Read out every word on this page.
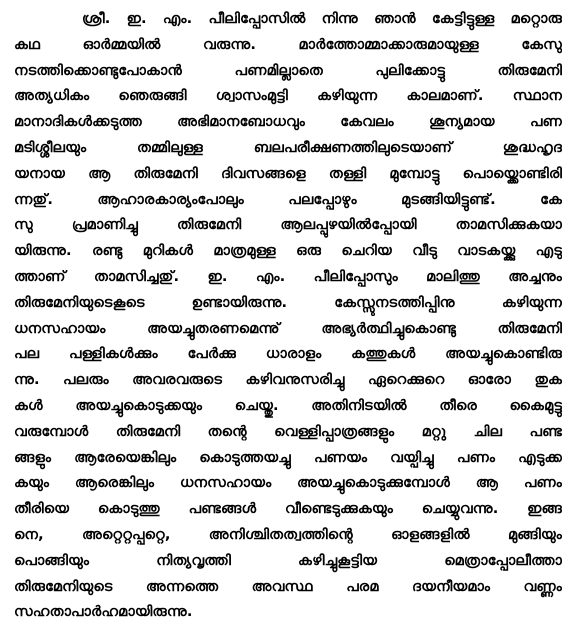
ശ്രീ. ഇ. എം. പീലിപ്പോസിൽ നിന്നു ഞാൻ കേട്ടിട്ടുള്ള മറ്റൊരു
കഥ ഓർമ്മയിൽ വരുന്നു. മാർത്തോമ്മാക്കാരുമായുള്ള കേസു
നടത്തിക്കൊണ്ടുപോകാൻ പണമില്ലാതെ പുലിക്കോട്ടു തിരുമേനി
അത്യധികം ഞെരുങ്ങി ശ്വാസംമുട്ടി കഴിയുന്ന കാലമാണ്. സ്ഥാന
മാനാദികൾക്കടുത്ത അഭിമാനബോധവും കേവലം ശൂന്യമായ പണ
മടിശ്ശീലയും തമ്മിലുള്ള ബലപരീക്ഷണത്തിലുടെയാണ് ശുദ്ധഹൃദ
യനായ ആ തിരുമേനി ദിവസങ്ങളെ തള്ളി മുമ്പോട്ടു പൊയ്ക്കൊണ്ടിരി
ന്നതു്. ആഹാരകാര്യംപോലും പലപ്പോഴും മുടങ്ങിയിട്ടുണ്ട്. കേ
സു പ്രമാണിച്ചു തിരുമേനി ആലപ്പുഴയിൽപ്പോയി താമസിക്കുകയാ
യിരുന്നു. രണ്ടു മുറികൾ മാത്രമുള്ള ഒരു ചെറിയ വീടു വാടകയ്ക്കു എടു
ത്താണ് താമസിച്ചതു്. ഇ. എം. പീലിപ്പോസും മാലിത്തു അച്ചനും
തിരുമേനിയുടെകൂടെ ഉണ്ടായിരുന്നു. കേസ്സുനടത്തിപ്പിനു കഴിയുന്ന
ധനസഹായം അയച്ചുതരണമെന്നു് അഭ്യർത്ഥിച്ചുകൊണ്ടു തിരുമേനി
പല പള്ളികൾക്കും പേർക്കു ധാരാളം കത്തുകൾ അയച്ചുകൊണ്ടിരു
ന്നു. പലരും അവരവരുടെ കഴിവനുസരിച്ചു ഏറെക്കുറെ ഓരോ തുക
കൾ അയച്ചുകൊടുക്കയും ചെയ്തു. അതിനിടയിൽ തീരെ കൈമുട്ടു
വരുമ്പോൾ തിരുമേനി തന്റെ വെള്ളിപ്പാത്രങ്ങളും മറ്റു ചില പണ്ട
ങ്ങളും ആരേയെങ്കിലും കൊടുത്തയച്ചു പണയം വയ്പിച്ചു പണം എടുക്ക
കയും ആരെങ്കിലും ധനസഹായം അയച്ചുകൊടുക്കുമ്പോൾ ആ പണം
തീരിയെ കൊടുത്തു പണ്ടങ്ങൾ വീണ്ടെടുക്കുകയും ചെയ്യുവന്നു. ഇങ്ങ
നെ, അറ്റെറ്റപ്പറ്റെ, അനിശ്ചിതത്വത്തിന്റെ ഓളങ്ങളിൽ മുങ്ങിയും
പൊങ്ങിയും നിത്യവൃത്തി കഴിച്ചുകൂട്ടിയ മെത്രാപ്പോലീത്താ
തിരുമേനിയുടെ അന്നത്തെ അവസ്ഥ പരമ ദയനീയമാം വണ്ണം
സഹതാപാർഹമായിരുന്നു.
